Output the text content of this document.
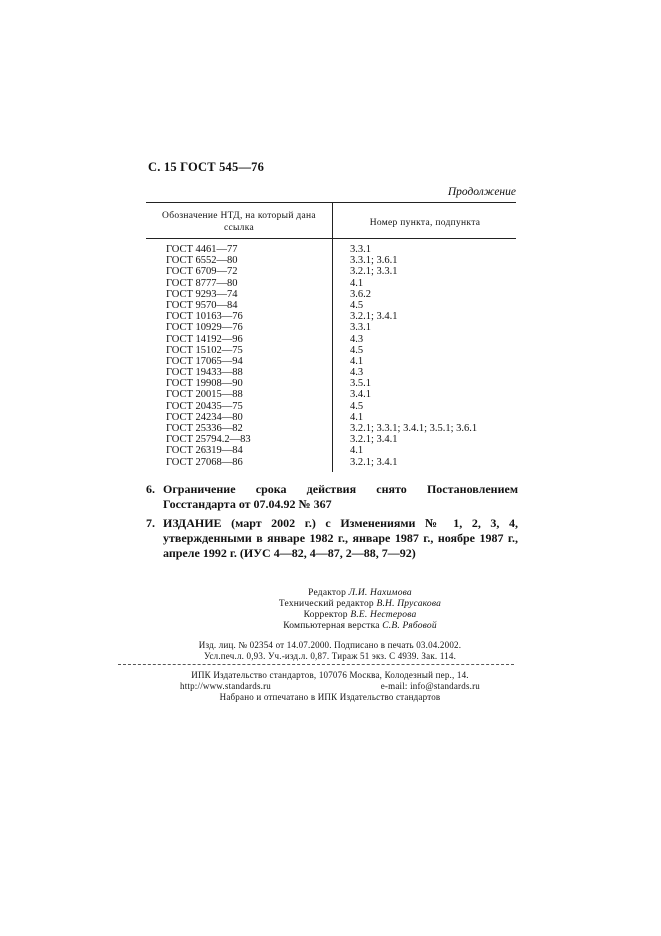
С. 15 ГОСТ 545—76
Продолжение
Обозначение НТД, на который дана ссылка	Номер пункта, подпункта
ГОСТ 4461—77	3.3.1
ГОСТ 6552—80	3.3.1; 3.6.1
ГОСТ 6709—72	3.2.1; 3.3.1
ГОСТ 8777—80	4.1
ГОСТ 9293—74	3.6.2
ГОСТ 9570—84	4.5
ГОСТ 10163—76	3.2.1; 3.4.1
ГОСТ 10929—76	3.3.1
ГОСТ 14192—96	4.3
ГОСТ 15102—75	4.5
ГОСТ 17065—94	4.1
ГОСТ 19433—88	4.3
ГОСТ 19908—90	3.5.1
ГОСТ 20015—88	3.4.1
ГОСТ 20435—75	4.5
ГОСТ 24234—80	4.1
ГОСТ 25336—82	3.2.1; 3.3.1; 3.4.1; 3.5.1; 3.6.1
ГОСТ 25794.2—83	3.2.1; 3.4.1
ГОСТ 26319—84	4.1
ГОСТ 27068—86	3.2.1; 3.4.1
6. Ограничение срока действия снято Постановлением Госстандарта от 07.04.92 № 367
7. ИЗДАНИЕ (март 2002 г.) с Изменениями № 1, 2, 3, 4, утвержденными в январе 1982 г., январе 1987 г., ноябре 1987 г., апреле 1992 г. (ИУС 4—82, 4—87, 2—88, 7—92)
Редактор Л.И. Нахимова
Технический редактор В.Н. Прусакова
Корректор В.Е. Нестерова
Компьютерная верстка С.В. Рябовой
Изд. лиц. № 02354 от 14.07.2000. Подписано в печать 03.04.2002.
Усл.печ.л. 0,93. Уч.-изд.л. 0,87. Тираж 51 экз. С 4939. Зак. 114.
ИПК Издательство стандартов, 107076 Москва, Колодезный пер., 14.
http://www.standards.ru	e-mail: info@standards.ru
Набрано и отпечатано в ИПК Издательство стандартов
